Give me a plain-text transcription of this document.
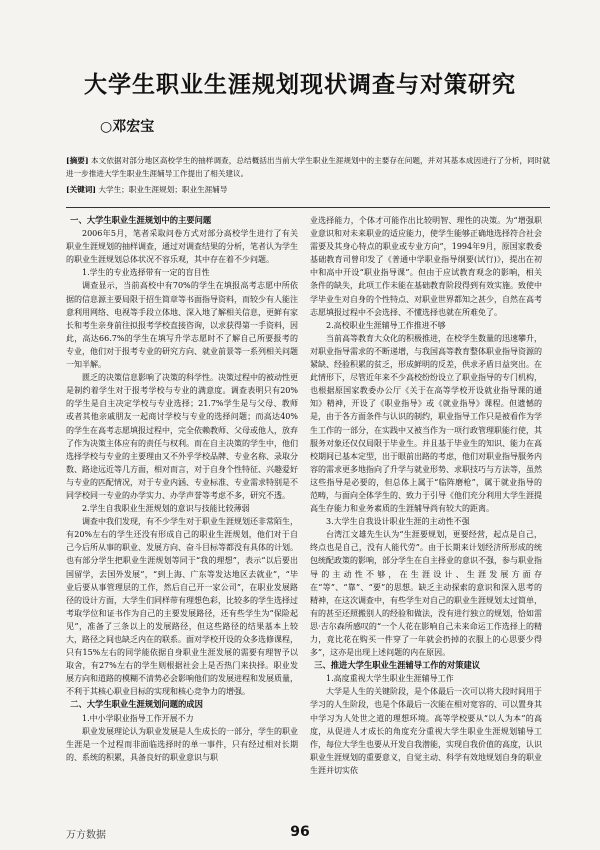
大学生职业生涯规划现状调查与对策研究
○邓宏宝
[摘要] 本文依据对部分地区高校学生的抽样调查，总结概括出当前大学生职业生涯规划中的主要存在问题，并对其基本成因进行了分析，同时就进一步推进大学生职业生涯辅导工作提出了相关建议。
[关键词] 大学生；职业生涯规划；职业生涯辅导
一、大学生职业生涯规划中的主要问题

2006年5月，笔者采取问卷方式对部分高校学生进行了有关职业生涯规划的抽样调查，通过对调查结果的分析，笔者认为学生的职业生涯规划总体状况不容乐观，其中存在着不少问题。

1.学生的专业选择带有一定的盲目性

调查显示，当前高校中有70%的学生在填报高考志愿中所依据的信息源主要局限于招生简章等书面指导资料，而较少有人能注意利用网络、电视等手段立体地、深入地了解相关信息，更鲜有家长和考生亲身前往拟报考学校直接咨询，以求获得第一手资料，因此，高达66.7%的学生在填写升学志愿时不了解自己所要报考的专业，他们对于报考专业的研究方向、就业前景等一系列相关问题一知半解。

匮乏的决策信息影响了决策的科学性。决策过程中的被动性更是制约着学生对于报考学校与专业的满意度。调查表明只有20%的学生是自主决定学校与专业选择；21.7%学生是与父母、教师或者其他亲戚朋友一起商讨学校与专业的选择问题；而高达40%的学生在高考志愿填报过程中，完全依赖教师、父母或他人，放弃了作为决策主体应有的责任与权利。而在自主决策的学生中，他们选择学校与专业的主要理由又不外乎学校品牌、专业名称、录取分数、路途远近等几方面，相对而言，对于自身个性特征、兴趣爱好与专业的匹配情况，对于专业内涵、专业标准、专业需求特别是不同学校同一专业的办学实力、办学声誉等考虑不多，研究不透。

2.学生自我职业生涯规划的意识与技能比较薄弱

调查中我们发现，有不少学生对于职业生涯规划还非常陌生，有20%左右的学生还没有形成自己的职业生涯规划，他们对于自己今后所从事的职业、发展方向、奋斗目标等都没有具体的计划。也有部分学生把职业生涯规划等同于“我的理想”，表示“以后要出国留学，去国外发展”，“到上海、广东等发达地区去就业”，“毕业后要从事管理层的工作，然后自己开一家公司”，在职业发展路径的设计方面，大学生们同样带有理想色彩，比较多的学生选择过考取学位和证书作为自己的主要发展路径，还有些学生为“保险起见”，准备了三条以上的发展路径，但这些路径的结果基本上较大，路径之间也缺乏内在的联系。面对学校开设的众多选修课程，只有15%左右的同学能依据自身职业生涯发展的需要有理智予以取舍，有27%左右的学生则根据社会上是否热门来抉择。职业发展方向和道路的模糊不清势必会影响他们的发展进程和发展质量，不利于其核心职业目标的实现和核心竞争力的增强。

二、大学生职业生涯规划问题的成因
1.中小学职业指导工作开展不力

职业发展理论认为职业发展是人生成长的一部分，学生的职业生涯是一个过程而非面临选择时的单一事件，只有经过相对长期的、系统的积累，具备良好的职业意识与职

业选择能力，个体才可能作出比较明智、理性的决策。为“增强职业意识和对未来职业的适应能力，使学生能够正确地选择符合社会需要及其身心特点的职业或专业方向”，1994年9月，原国家教委基础教育司曾印发了《普通中学职业指导纲要(试行)》，提出在初中和高中开设“职业指导课”。但由于应试教育观念的影响，相关条件的缺失，此项工作未能在基础教育阶段得到有效实施。致使中学毕业生对自身的个性特点、对职业世界都知之甚少，自然在高考志愿填报过程中不会选择、不懂选择也就在所难免了。

2.高校职业生涯辅导工作推进不够

当前高等教育大众化的积极推进，在校学生数量的迅速攀升，对职业指导需求的不断递增，与我国高等教育整体职业指导资源的紧缺、经验积累的贫乏，形成鲜明的反差，供求矛盾日益突出。在此情形下，尽管近年来不少高校纷纷设立了职业指导的专门机构，也根据原国家教委办公厅《关于在高等学校开设就业指导课的通知》精神，开设了《职业指导》或《就业指导》课程。但遗憾的是，由于各方面条件与认识的制约，职业指导工作只是被看作为学生工作的一部分，在实践中又被当作为一项行政管理职能行使，其服务对象还仅仅局限于毕业生。并且基于毕业生的知识、能力在高校期间已基本定型，出于眼前出路的考虑，他们对职业指导服务内容的需求更多地指向了升学与就业形势、求职技巧与方法等，虽然这些指导是必要的，但总体上属于“临阵磨枪”，属于就业指导的范畴，与面向全体学生的、致力于引导《他们充分利用大学生涯提高生存能力和业务素质的生涯辅导尚有较大的距离。

3.大学生自我设计职业生涯的主动性不强

台湾江文雄先生认为“生涯要规划，更要经营，起点是自己，终点也是自己，没有人能代劳”。由于长期来计划经济所形成的统包统配政策的影响，部分学生在自主择业的意识不强，参与职业指导的主动性不够，在生涯设计、生涯发展方面存在“等”、“靠”、“要”的思想。缺乏主动探索的意识和深入思考的精神，在这次调查中，有些学生对自己的职业生涯规划太过简单，有的甚至还照搬别人的经验和做法，没有进行独立的规划，恰如雷思·吉尔森所感叹的“一个人花在影响自己未来命运工作选择上的精力，竟比花在购买一件穿了一年就会扔掉的衣服上的心思要少得多”，这亦是出现上述问题的内在原因。

三、推进大学生职业生涯辅导工作的对策建议
1.高度重视大学生职业生涯辅导工作

大学是人生的关键阶段，是个体最后一次可以将大段时间用于学习的人生阶段，也是个体最后一次能在相对宽容的、可以置身其中学习为人处世之道的理想环境。高等学校要从“以人为本”的高度，从促进人才成长的角度充分重视大学生职业生涯规划辅导工作，每位大学生也要从开发自我潜能，实现自我价值的高度，认识职业生涯规划的重要意义，自觉主动、科学有效地规划自身的职业生涯并切实依

万方数据	96
